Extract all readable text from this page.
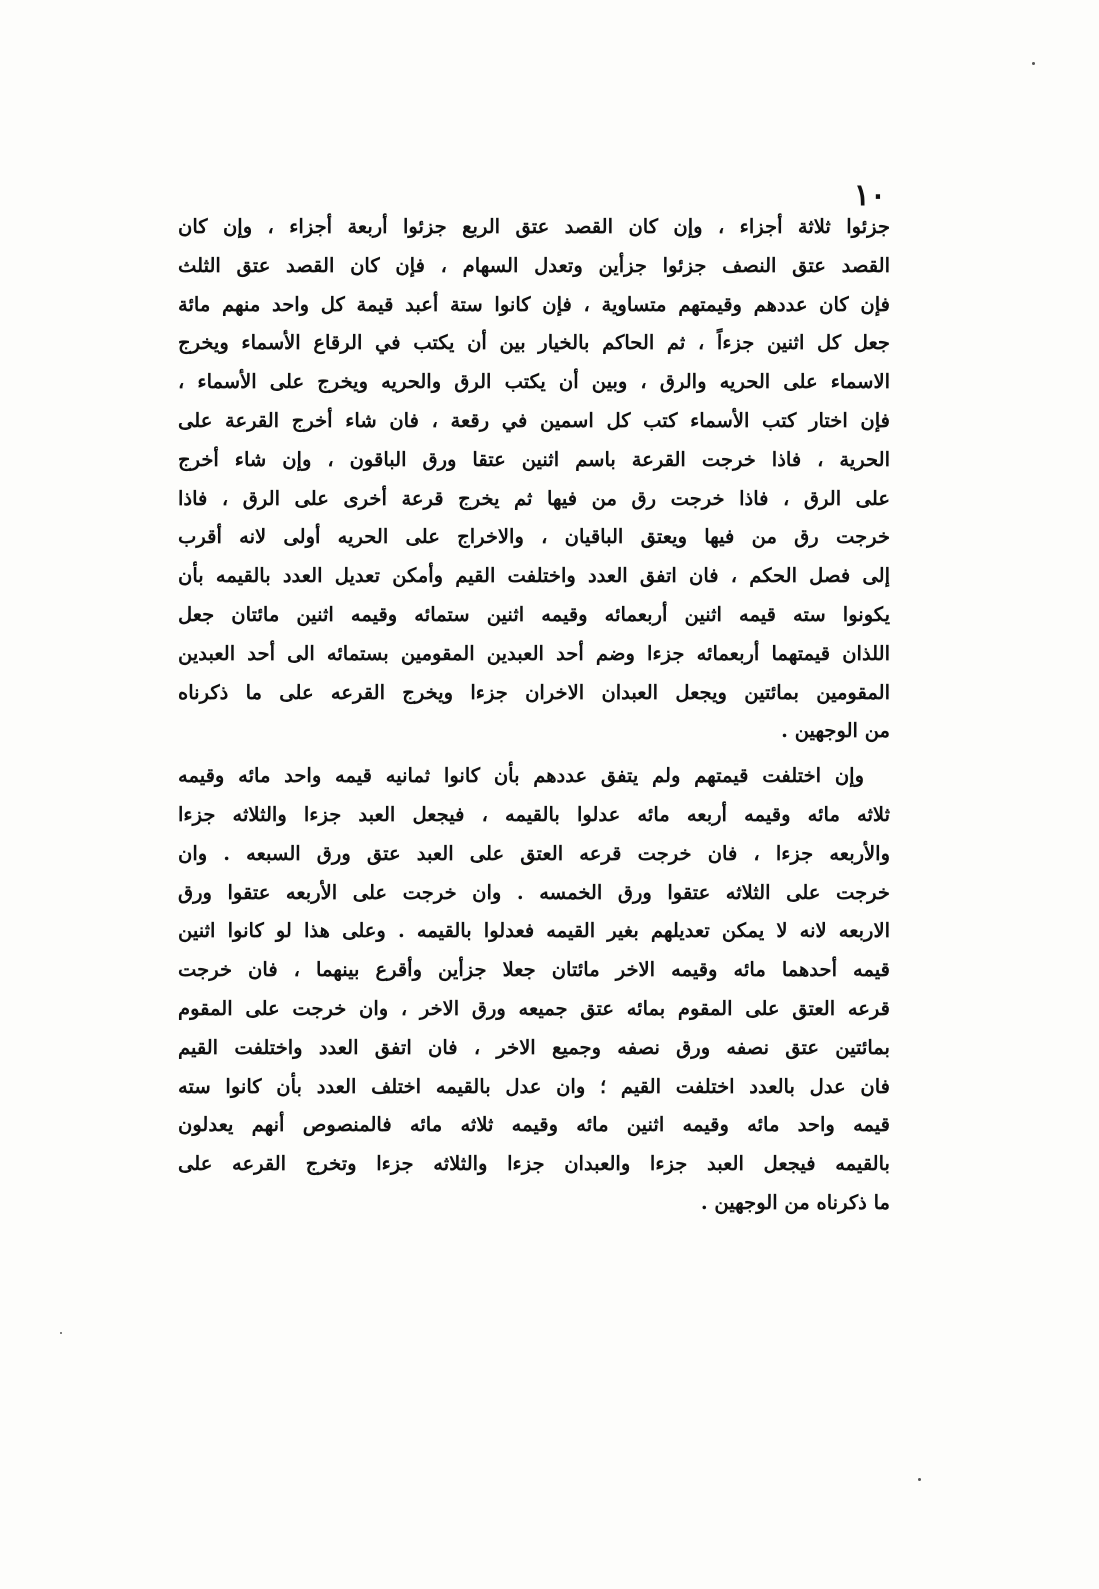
١٠
جزئوا ثلاثة أجزاء ، وإن كان القصد عتق الربع جزئوا أربعة أجزاء ، وإن كان
القصد عتق النصف جزئوا جزأين وتعدل السهام ، فإن كان القصد عتق الثلث
فإن كان عددهم وقيمتهم متساوية ، فإن كانوا ستة أعبد قيمة كل واحد منهم مائة
جعل كل اثنين جزءاً ، ثم الحاكم بالخيار بين أن يكتب في الرقاع الأسماء ويخرج
الاسماء على الحريه والرق ، وبين أن يكتب الرق والحريه ويخرج على الأسماء ،
فإن اختار كتب الأسماء كتب كل اسمين في رقعة ، فان شاء أخرج القرعة على
الحرية ، فاذا خرجت القرعة باسم اثنين عتقا ورق الباقون ، وإن شاء أخرج
على الرق ، فاذا خرجت رق من فيها ثم يخرج قرعة أخرى على الرق ، فاذا
خرجت رق من فيها ويعتق الباقيان ، والاخراج على الحريه أولى لانه أقرب
إلى فصل الحكم ، فان اتفق العدد واختلفت القيم وأمكن تعديل العدد بالقيمه بأن
يكونوا سته قيمه اثنين أربعمائه وقيمه اثنين ستمائه وقيمه اثنين مائتان جعل
اللذان قيمتهما أربعمائه جزءا وضم أحد العبدين المقومين بستمائه الى أحد العبدين
المقومين بمائتين ويجعل العبدان الاخران جزءا ويخرج القرعه على ما ذكرناه
من الوجهين .
وإن اختلفت قيمتهم ولم يتفق عددهم بأن كانوا ثمانيه قيمه واحد مائه وقيمه
ثلاثه مائه وقيمه أربعه مائه عدلوا بالقيمه ، فيجعل العبد جزءا والثلاثه جزءا
والأربعه جزءا ، فان خرجت قرعه العتق على العبد عتق ورق السبعه . وان
خرجت على الثلاثه عتقوا ورق الخمسه . وان خرجت على الأربعه عتقوا ورق
الاربعه لانه لا يمكن تعديلهم بغير القيمه فعدلوا بالقيمه . وعلى هذا لو كانوا اثنين
قيمه أحدهما مائه وقيمه الاخر مائتان جعلا جزأين وأقرع بينهما ، فان خرجت
قرعه العتق على المقوم بمائه عتق جميعه ورق الاخر ، وان خرجت على المقوم
بمائتين عتق نصفه ورق نصفه وجميع الاخر ، فان اتفق العدد واختلفت القيم
فان عدل بالعدد اختلفت القيم ؛ وان عدل بالقيمه اختلف العدد بأن كانوا سته
قيمه واحد مائه وقيمه اثنين مائه وقيمه ثلاثه مائه فالمنصوص أنهم يعدلون
بالقيمه فيجعل العبد جزءا والعبدان جزءا والثلاثه جزءا وتخرج القرعه على
ما ذكرناه من الوجهين .
